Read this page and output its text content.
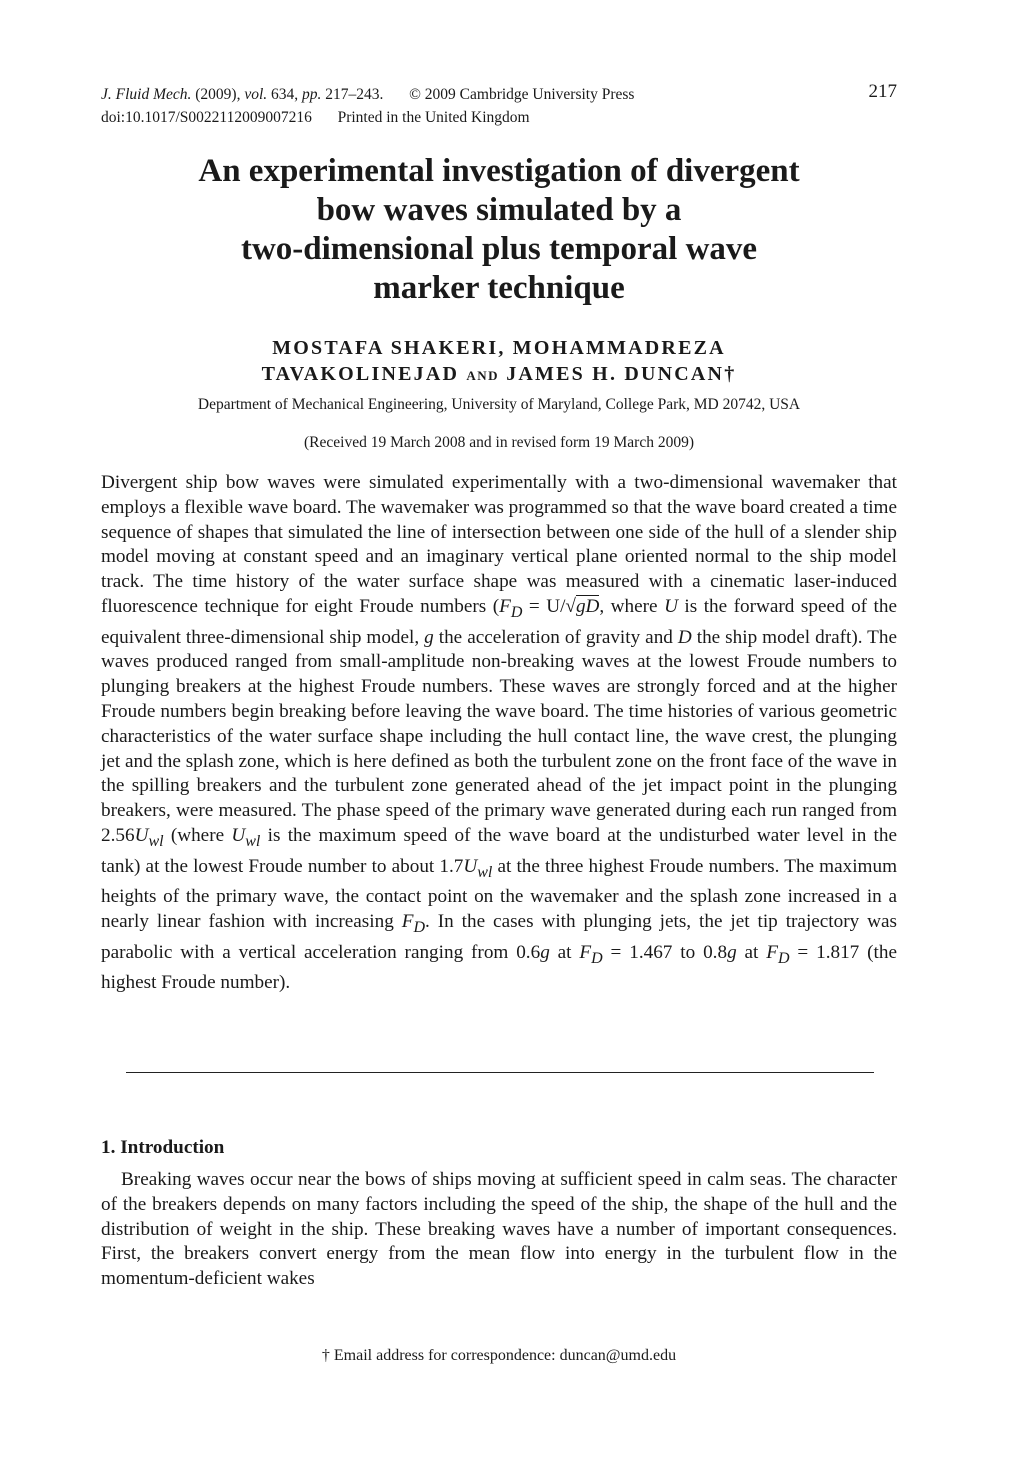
J. Fluid Mech. (2009), vol. 634, pp. 217–243. © 2009 Cambridge University Press
doi:10.1017/S0022112009007216 Printed in the United Kingdom
217
An experimental investigation of divergent
bow waves simulated by a
two-dimensional plus temporal wave
marker technique
MOSTAFA SHAKERI, MOHAMMADREZA
TAVAKOLINEJAD AND JAMES H. DUNCAN†
Department of Mechanical Engineering, University of Maryland, College Park, MD 20742, USA
(Received 19 March 2008 and in revised form 19 March 2009)

Divergent ship bow waves were simulated experimentally with a two-dimensional wavemaker that employs a flexible wave board. The wavemaker was programmed so that the wave board created a time sequence of shapes that simulated the line of intersection between one side of the hull of a slender ship model moving at constant speed and an imaginary vertical plane oriented normal to the ship model track. The time history of the water surface shape was measured with a cinematic laser-induced fluorescence technique for eight Froude numbers ($F_D = U/√gD$, where U is the forward speed of the equivalent three-dimensional ship model, g the acceleration of gravity and D the ship model draft). The waves produced ranged from small-amplitude non-breaking waves at the lowest Froude numbers to plunging breakers at the highest Froude numbers. These waves are strongly forced and at the higher Froude numbers begin breaking before leaving the wave board. The time histories of various geometric characteristics of the water surface shape including the hull contact line, the wave crest, the plunging jet and the splash zone, which is here defined as both the turbulent zone on the front face of the wave in the spilling breakers and the turbulent zone generated ahead of the jet impact point in the plunging breakers, were measured. The phase speed of the primary wave generated during each run ranged from $2.56U_{wl}$ (where $U_{wl}$ is the maximum speed of the wave board at the undisturbed water level in the tank) at the lowest Froude number to about $1.7U_{wl}$ at the three highest Froude numbers. The maximum heights of the primary wave, the contact point on the wavemaker and the splash zone increased in a nearly linear fashion with increasing $F_D$. In the cases with plunging jets, the jet tip trajectory was parabolic with a vertical acceleration ranging from 0.6g at $F_D = 1.467$ to 0.8g at $F_D = 1.817$ (the highest Froude number).

1. Introduction

Breaking waves occur near the bows of ships moving at sufficient speed in calm seas. The character of the breakers depends on many factors including the speed of the ship, the shape of the hull and the distribution of weight in the ship. These breaking waves have a number of important consequences. First, the breakers convert energy from the mean flow into energy in the turbulent flow in the momentum-deficient wakes

† Email address for correspondence: duncan@umd.edu
